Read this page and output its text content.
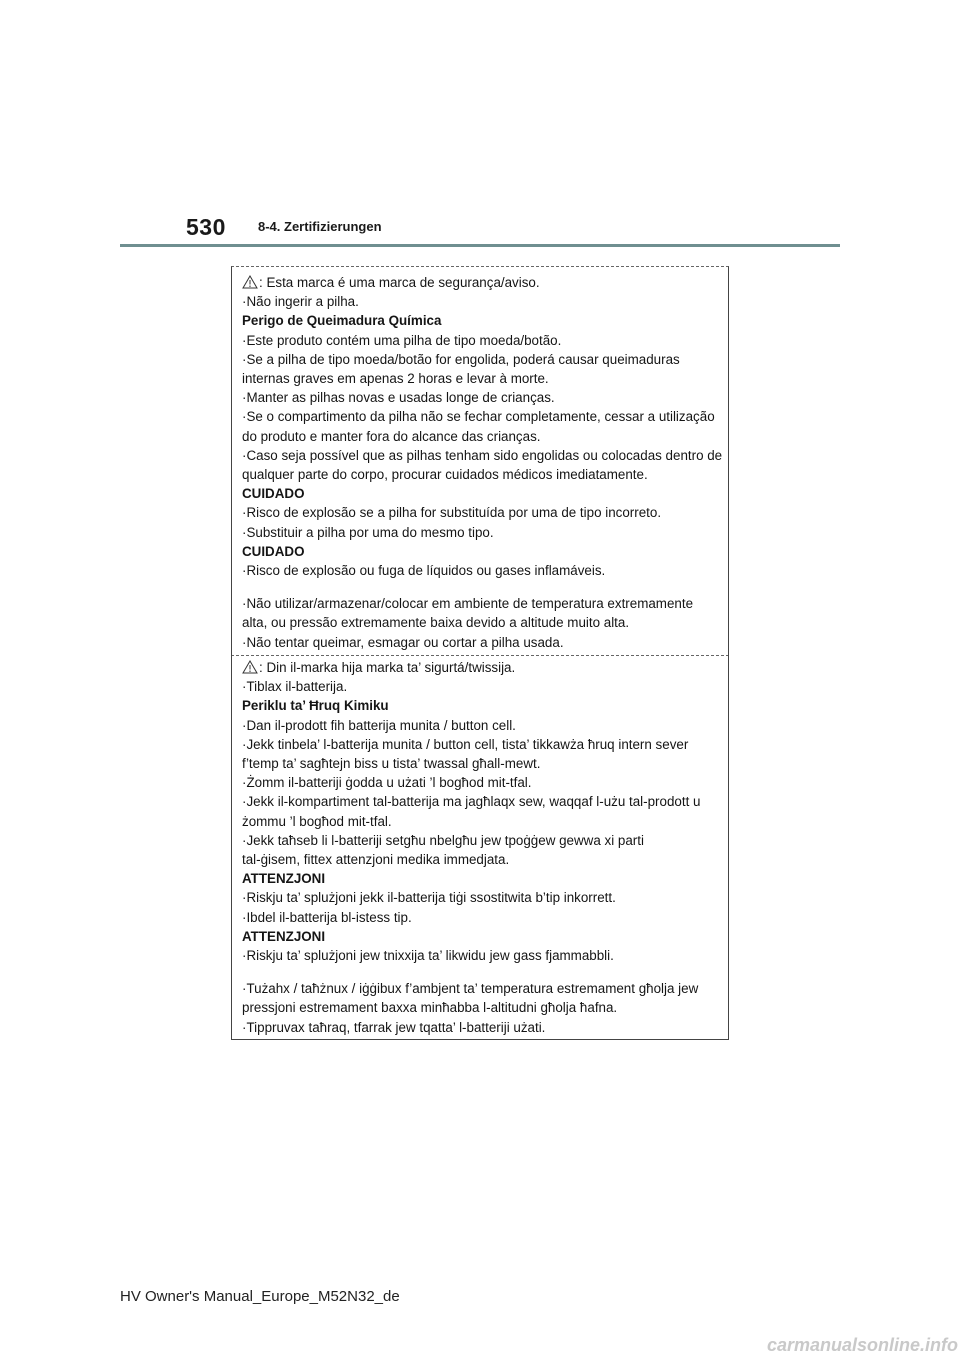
530 8-4. Zertifizierungen
: Esta marca é uma marca de segurança/aviso.
·Não ingerir a pilha.
Perigo de Queimadura Química
·Este produto contém uma pilha de tipo moeda/botão.
·Se a pilha de tipo moeda/botão for engolida, poderá causar queimaduras
internas graves em apenas 2 horas e levar à morte.
·Manter as pilhas novas e usadas longe de crianças.
·Se o compartimento da pilha não se fechar completamente, cessar a utilização
do produto e manter fora do alcance das crianças.
·Caso seja possível que as pilhas tenham sido engolidas ou colocadas dentro de
qualquer parte do corpo, procurar cuidados médicos imediatamente.
CUIDADO
·Risco de explosão se a pilha for substituída por uma de tipo incorreto.
·Substituir a pilha por uma do mesmo tipo.
CUIDADO
·Risco de explosão ou fuga de líquidos ou gases inflamáveis.
·Não utilizar/armazenar/colocar em ambiente de temperatura extremamente
alta, ou pressão extremamente baixa devido a altitude muito alta.
·Não tentar queimar, esmagar ou cortar a pilha usada.
: Din il-marka hija marka ta’ sigurtá/twissija.
·Tiblax il-batterija.
Periklu ta’ Ħruq Kimiku
·Dan il-prodott fih batterija munita / button cell.
·Jekk tinbela’ l-batterija munita / button cell, tista’ tikkawża ħruq intern sever
f’temp ta’ sagħtejn biss u tista’ twassal għall-mewt.
·Żomm il-batteriji ġodda u użati ’l bogħod mit-tfal.
·Jekk il-kompartiment tal-batterija ma jagħlaqx sew, waqqaf l-użu tal-prodott u
żommu ’l bogħod mit-tfal.
·Jekk taħseb li l-batteriji setgħu nbelgħu jew tpoġġew gewwa xi parti
tal-ġisem, fittex attenzjoni medika immedjata.
ATTENZJONI
·Riskju ta’ splużjoni jekk il-batterija tiġi ssostitwita b’tip inkorrett.
·Ibdel il-batterija bl-istess tip.
ATTENZJONI
·Riskju ta’ splużjoni jew tnixxija ta’ likwidu jew gass fjammabbli.
·Tużahx / taħżnux / iġġibux f’ambjent ta’ temperatura estremament għolja jew
pressjoni estremament baxxa minħabba l-altitudni għolja ħafna.
·Tippruvax taħraq, tfarrak jew tqatta’ l-batteriji użati.
HV Owner's Manual_Europe_M52N32_de
carmanualsonline.info
